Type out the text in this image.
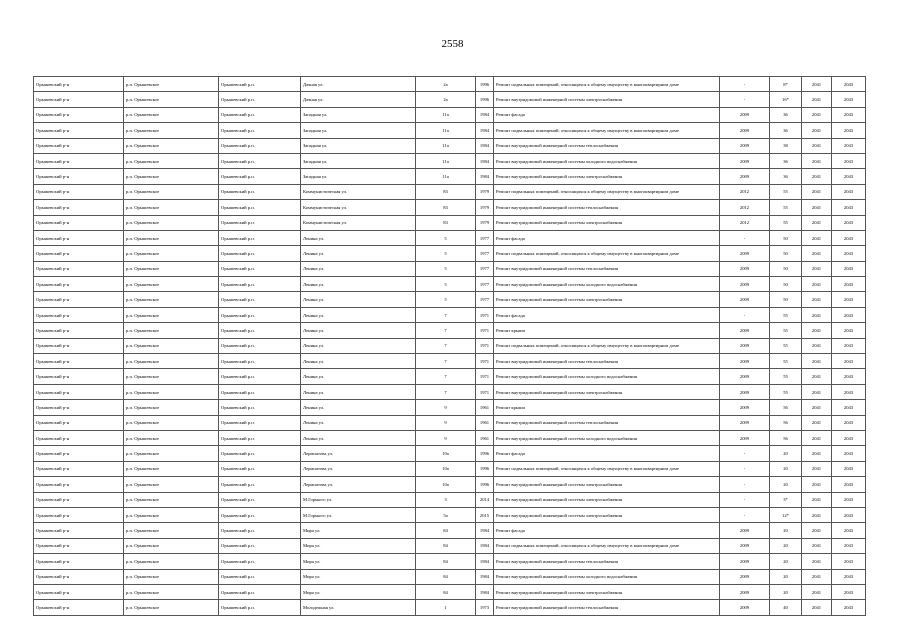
2558
Орышевский р-н	р.п. Орышевское	Орышевский р.п.	Дачная ул.	2а	1996	Ремонт подвальных помещений, относящихся к общему имуществу в многоквартирном доме	-	8*	2041	2043
Орышевский р-н	р.п. Орышевское	Орышевский р.п.	Дачная ул.	2а	1996	Ремонт внутридомовой инженерной системы электроснабжения	-	16*	2041	2043
Орышевский р-н	р.п. Орышевское	Орышевский р.п.	Западная ул.	11а	1984	Ремонт фасада	2009	36	2041	2043
Орышевский р-н	р.п. Орышевское	Орышевский р.п.	Западная ул.	11а	1984	Ремонт подвальных помещений, относящихся к общему имуществу в многоквартирном доме	2009	36	2041	2043
Орышевский р-н	р.п. Орышевское	Орышевский р.п.	Западная ул.	11а	1984	Ремонт внутридомовой инженерной системы теплоснабжения	2009	38	2041	2043
Орышевский р-н	р.п. Орышевское	Орышевский р.п.	Западная ул.	11а	1984	Ремонт внутридомовой инженерной системы холодного водоснабжения	2009	36	2041	2043
Орышевский р-н	р.п. Орышевское	Орышевский р.п.	Западная ул.	11а	1984	Ремонт внутридомовой инженерной системы электроснабжения	2009	36	2041	2043
Орышевский р-н	р.п. Орышевское	Орышевский р.п.	Коммунистическая ул.	83	1979	Ремонт подвальных помещений, относящихся к общему имуществу в многоквартирном доме	2012	55	2041	2043
Орышевский р-н	р.п. Орышевское	Орышевский р.п.	Коммунистическая ул.	83	1979	Ремонт внутридомовой инженерной системы теплоснабжения	2012	55	2041	2043
Орышевский р-н	р.п. Орышевское	Орышевский р.п.	Коммунистическая ул.	83	1979	Ремонт внутридомовой инженерной системы электроснабжения	2012	55	2041	2043
Орышевский р-н	р.п. Орышевское	Орышевский р.п.	Ленина ул.	5	1977	Ремонт фасада	-	50	2041	2043
Орышевский р-н	р.п. Орышевское	Орышевский р.п.	Ленина ул.	5	1977	Ремонт подвальных помещений, относящихся к общему имуществу в многоквартирном доме	2009	50	2041	2043
Орышевский р-н	р.п. Орышевское	Орышевский р.п.	Ленина ул.	5	1977	Ремонт внутридомовой инженерной системы теплоснабжения	2009	50	2041	2043
Орышевский р-н	р.п. Орышевское	Орышевский р.п.	Ленина ул.	5	1977	Ремонт внутридомовой инженерной системы холодного водоснабжения	2009	50	2041	2043
Орышевский р-н	р.п. Орышевское	Орышевский р.п.	Ленина ул.	5	1977	Ремонт внутридомовой инженерной системы электроснабжения	2009	50	2041	2043
Орышевский р-н	р.п. Орышевское	Орышевский р.п.	Ленина ул.	7	1971	Ремонт фасада	-	55	2041	2043
Орышевский р-н	р.п. Орышевское	Орышевский р.п.	Ленина ул.	7	1971	Ремонт крыши	2009	55	2041	2043
Орышевский р-н	р.п. Орышевское	Орышевский р.п.	Ленина ул.	7	1971	Ремонт подвальных помещений, относящихся к общему имуществу в многоквартирном доме	2009	55	2041	2043
Орышевский р-н	р.п. Орышевское	Орышевский р.п.	Ленина ул.	7	1971	Ремонт внутридомовой инженерной системы теплоснабжения	2009	55	2041	2043
Орышевский р-н	р.п. Орышевское	Орышевский р.п.	Ленина ул.	7	1971	Ремонт внутридомовой инженерной системы холодного водоснабжения	2009	55	2041	2043
Орышевский р-н	р.п. Орышевское	Орышевский р.п.	Ленина ул.	7	1971	Ремонт внутридомовой инженерной системы электроснабжения	2009	55	2041	2043
Орышевский р-н	р.п. Орышевское	Орышевский р.п.	Ленина ул.	9	1961	Ремонт крыши	2009	56	2041	2043
Орышевский р-н	р.п. Орышевское	Орышевский р.п.	Ленина ул.	9	1961	Ремонт внутридомовой инженерной системы теплоснабжения	2009	56	2041	2043
Орышевский р-н	р.п. Орышевское	Орышевский р.п.	Ленина ул.	9	1961	Ремонт внутридомовой инженерной системы холодного водоснабжения	2009	56	2041	2043
Орышевский р-н	р.п. Орышевское	Орышевский р.п.	Лермонтова ул.	10а	1996	Ремонт фасада	-	20	2041	2043
Орышевский р-н	р.п. Орышевское	Орышевский р.п.	Лермонтова ул.	10а	1996	Ремонт подвальных помещений, относящихся к общему имуществу в многоквартирном доме	-	20	2041	2043
Орышевский р-н	р.п. Орышевское	Орышевский р.п.	Лермонтова ул.	10а	1996	Ремонт внутридомовой инженерной системы электроснабжения	-	20	2041	2043
Орышевский р-н	р.п. Орышевское	Орышевский р.п.	М.Горького ул.	3	2014	Ремонт внутридомовой инженерной системы электроснабжения	-	3*	2041	2043
Орышевский р-н	р.п. Орышевское	Орышевский р.п.	М.Горького ул.	5а	2015	Ремонт внутридомовой инженерной системы электроснабжения	-	12*	2041	2043
Орышевский р-н	р.п. Орышевское	Орышевский р.п.	Мира ул.	84	1984	Ремонт фасада	2009	20	2041	2043
Орышевский р-н	р.п. Орышевское	Орышевский р.п.	Мира ул.	84	1984	Ремонт подвальных помещений, относящихся к общему имуществу в многоквартирном доме	2009	20	2041	2043
Орышевский р-н	р.п. Орышевское	Орышевский р.п.	Мира ул.	84	1984	Ремонт внутридомовой инженерной системы теплоснабжения	2009	20	2041	2043
Орышевский р-н	р.п. Орышевское	Орышевский р.п.	Мира ул.	84	1984	Ремонт внутридомовой инженерной системы холодного водоснабжения	2009	20	2041	2043
Орышевский р-н	р.п. Орышевское	Орышевский р.п.	Мира ул.	84	1984	Ремонт внутридомовой инженерной системы электроснабжения	2009	20	2041	2043
Орышевский р-н	р.п. Орышевское	Орышевский р.п.	Молодежная ул.	1	1973	Ремонт внутридомовой инженерной системы теплоснабжения	2009	40	2041	2043
